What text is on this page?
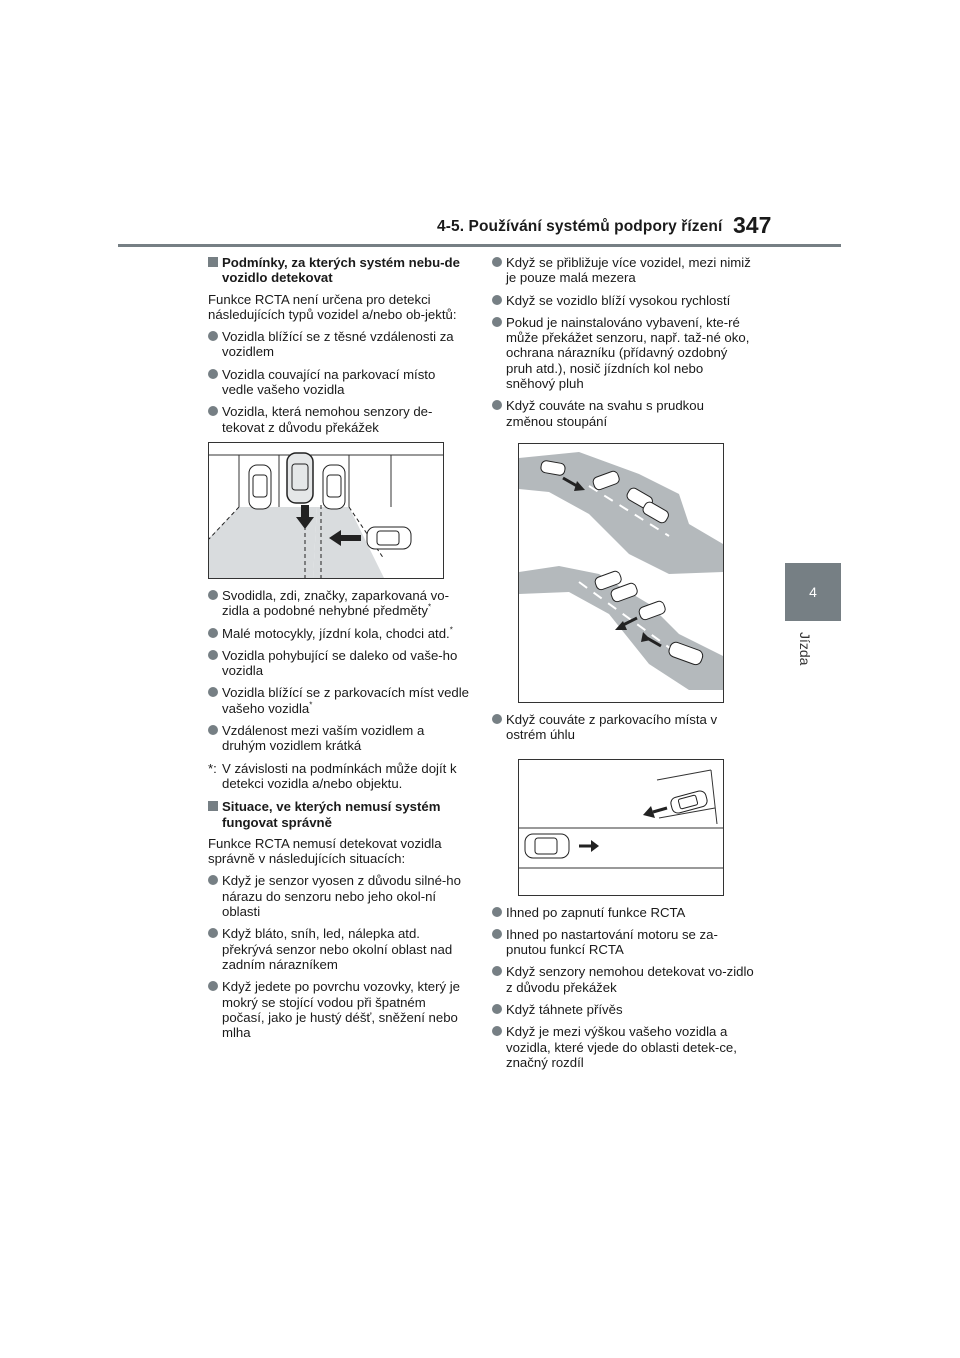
4-5. Používání systémů podpory řízení 347
4
Jízda
Podmínky, za kterých systém nebu-de vozidlo detekovat
Funkce RCTA není určena pro detekci následujících typů vozidel a/nebo ob-jektů:
Vozidla blížící se z těsné vzdálenosti za vozidlem
Vozidla couvající na parkovací místo vedle vašeho vozidla
Vozidla, která nemohou senzory de-tekovat z důvodu překážek
Svodidla, zdi, značky, zaparkovaná vo-zidla a podobné nehybné předměty*
Malé motocykly, jízdní kola, chodci atd.*
Vozidla pohybující se daleko od vaše-ho vozidla
Vozidla blížící se z parkovacích míst vedle vašeho vozidla*
Vzdálenost mezi vaším vozidlem a druhým vozidlem krátká
*: V závislosti na podmínkách může dojít k detekci vozidla a/nebo objektu.
Situace, ve kterých nemusí systém fungovat správně
Funkce RCTA nemusí detekovat vozidla správně v následujících situacích:
Když je senzor vyosen z důvodu silné-ho nárazu do senzoru nebo jeho okol-ní oblasti
Když bláto, sníh, led, nálepka atd. překrývá senzor nebo okolní oblast nad zadním nárazníkem
Když jedete po povrchu vozovky, který je mokrý se stojící vodou při špatném počasí, jako je hustý déšť, sněžení nebo mlha
Když se přibližuje více vozidel, mezi nimiž je pouze malá mezera
Když se vozidlo blíží vysokou rychlostí
Pokud je nainstalováno vybavení, kte-ré může překážet senzoru, např. taž-né oko, ochrana nárazníku (přídavný ozdobný pruh atd.), nosič jízdních kol nebo sněhový pluh
Když couváte na svahu s prudkou změnou stoupání
Když couváte z parkovacího místa v ostrém úhlu
Ihned po zapnutí funkce RCTA
Ihned po nastartování motoru se za-pnutou funkcí RCTA
Když senzory nemohou detekovat vo-zidlo z důvodu překážek
Když táhnete přívěs
Když je mezi výškou vašeho vozidla a vozidla, které vjede do oblasti detek-ce, značný rozdíl
